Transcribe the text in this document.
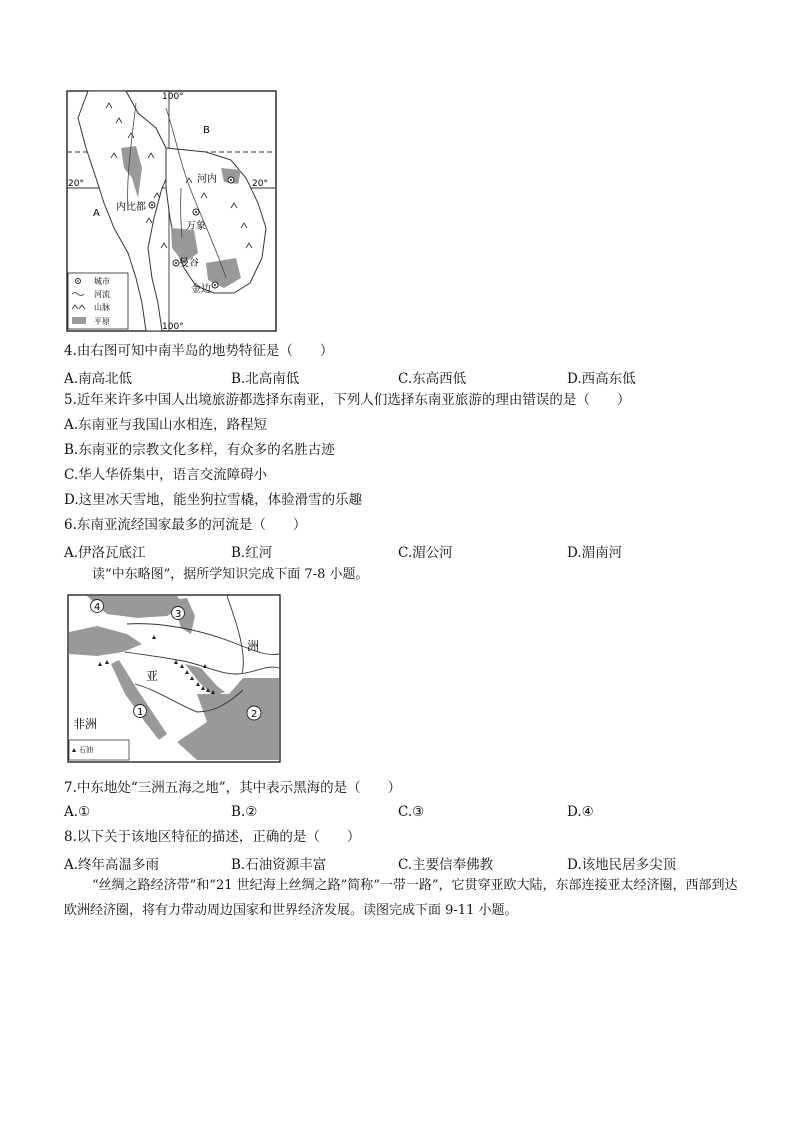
100°
100°
20°	20°
A
B
河内
内比都
万象
曼谷
金边
城市
河流
山脉
平原
4.由右图可知中南半岛的地势特征是（　　）
A.南高北低	B.北高南低	C.东高西低	D.西高东低
5.近年来许多中国人出境旅游都选择东南亚，下列人们选择东南亚旅游的理由错误的是（　　）
A.东南亚与我国山水相连，路程短
B.东南亚的宗教文化多样，有众多的名胜古迹
C.华人华侨集中，语言交流障碍小
D.这里冰天雪地，能坐狗拉雪橇，体验滑雪的乐趣
6.东南亚流经国家最多的河流是（　　）
A.伊洛瓦底江	B.红河	C.湄公河	D.湄南河
读“中东略图”，据所学知识完成下面 7-8 小题。
1	2
3
4
洲
亚
非洲
石油
7.中东地处“三洲五海之地”，其中表示黑海的是（　　）
A.①	B.②	C.③	D.④
8.以下关于该地区特征的描述，正确的是（　　）
A.终年高温多雨	B.石油资源丰富	C.主要信奉佛教	D.该地民居多尖顶
“丝绸之路经济带”和“21 世纪海上丝绸之路”简称“一带一路”，它贯穿亚欧大陆，东部连接亚太经济圈，西部到达欧洲经济圈，将有力带动周边国家和世界经济发展。读图完成下面 9-11 小题。
